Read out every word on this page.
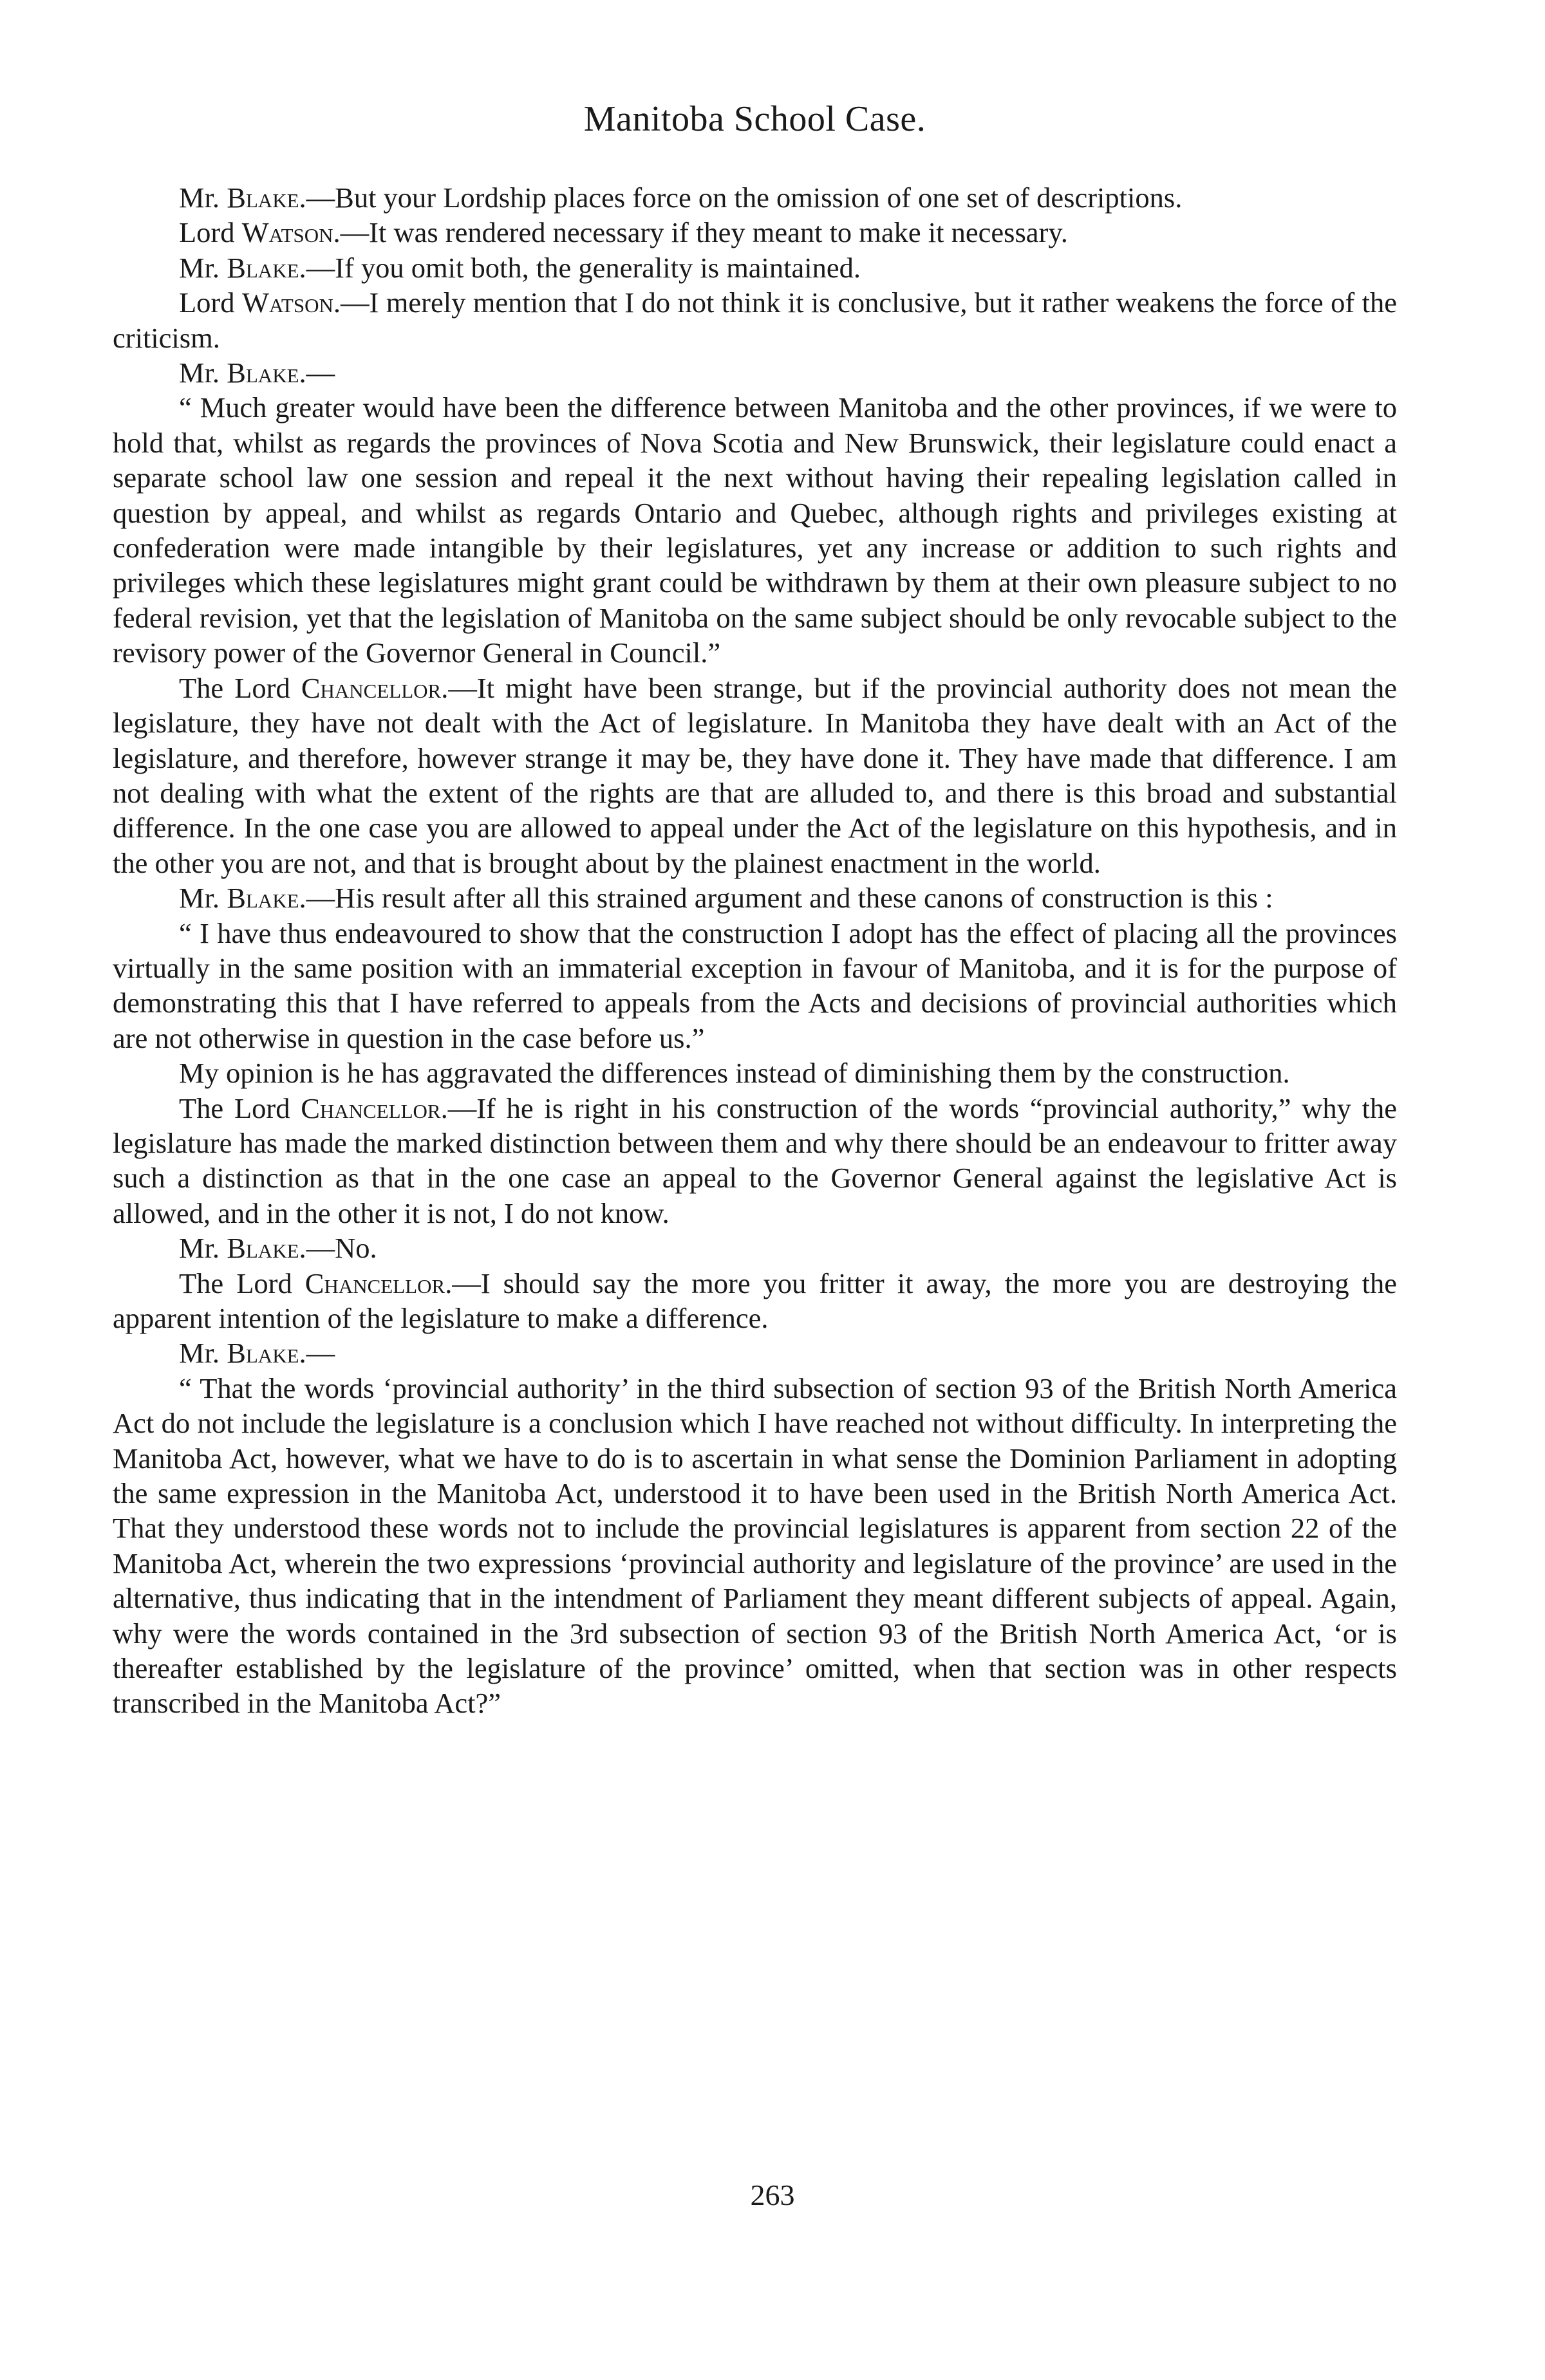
Manitoba School Case.

Mr. Blake.—But your Lordship places force on the omission of one set of descriptions.

Lord Watson.—It was rendered necessary if they meant to make it necessary.

Mr. Blake.—If you omit both, the generality is maintained.

Lord Watson.—I merely mention that I do not think it is conclusive, but it rather weakens the force of the criticism.

Mr. Blake.—

“ Much greater would have been the difference between Manitoba and the other provinces, if we were to hold that, whilst as regards the provinces of Nova Scotia and New Brunswick, their legislature could enact a separate school law one session and repeal it the next without having their repealing legislation called in question by appeal, and whilst as regards Ontario and Quebec, although rights and privileges existing at confederation were made intangible by their legislatures, yet any increase or addition to such rights and privileges which these legislatures might grant could be withdrawn by them at their own pleasure subject to no federal revision, yet that the legislation of Manitoba on the same subject should be only revocable subject to the revisory power of the Governor General in Council.”

The Lord Chancellor.—It might have been strange, but if the provincial authority does not mean the legislature, they have not dealt with the Act of legislature. In Manitoba they have dealt with an Act of the legislature, and therefore, however strange it may be, they have done it. They have made that difference. I am not dealing with what the extent of the rights are that are alluded to, and there is this broad and substantial difference. In the one case you are allowed to appeal under the Act of the legislature on this hypothesis, and in the other you are not, and that is brought about by the plainest enactment in the world.

Mr. Blake.—His result after all this strained argument and these canons of construction is this :

“ I have thus endeavoured to show that the construction I adopt has the effect of placing all the provinces virtually in the same position with an immaterial exception in favour of Manitoba, and it is for the purpose of demonstrating this that I have referred to appeals from the Acts and decisions of provincial authorities which are not otherwise in question in the case before us.”

My opinion is he has aggravated the differences instead of diminishing them by the construction.

The Lord Chancellor.—If he is right in his construction of the words “provincial authority,” why the legislature has made the marked distinction between them and why there should be an endeavour to fritter away such a distinction as that in the one case an appeal to the Governor General against the legislative Act is allowed, and in the other it is not, I do not know.

Mr. Blake.—No.

The Lord Chancellor.—I should say the more you fritter it away, the more you are destroying the apparent intention of the legislature to make a difference.

Mr. Blake.—

“ That the words ‘provincial authority’ in the third subsection of section 93 of the British North America Act do not include the legislature is a conclusion which I have reached not without difficulty. In interpreting the Manitoba Act, however, what we have to do is to ascertain in what sense the Dominion Parliament in adopting the same expression in the Manitoba Act, understood it to have been used in the British North America Act. That they understood these words not to include the provincial legislatures is apparent from section 22 of the Manitoba Act, wherein the two expressions ‘provincial authority and legislature of the province’ are used in the alternative, thus indicating that in the intendment of Parliament they meant different subjects of appeal. Again, why were the words contained in the 3rd subsection of section 93 of the British North America Act, ‘or is thereafter established by the legislature of the province’ omitted, when that section was in other respects transcribed in the Manitoba Act?”

263
